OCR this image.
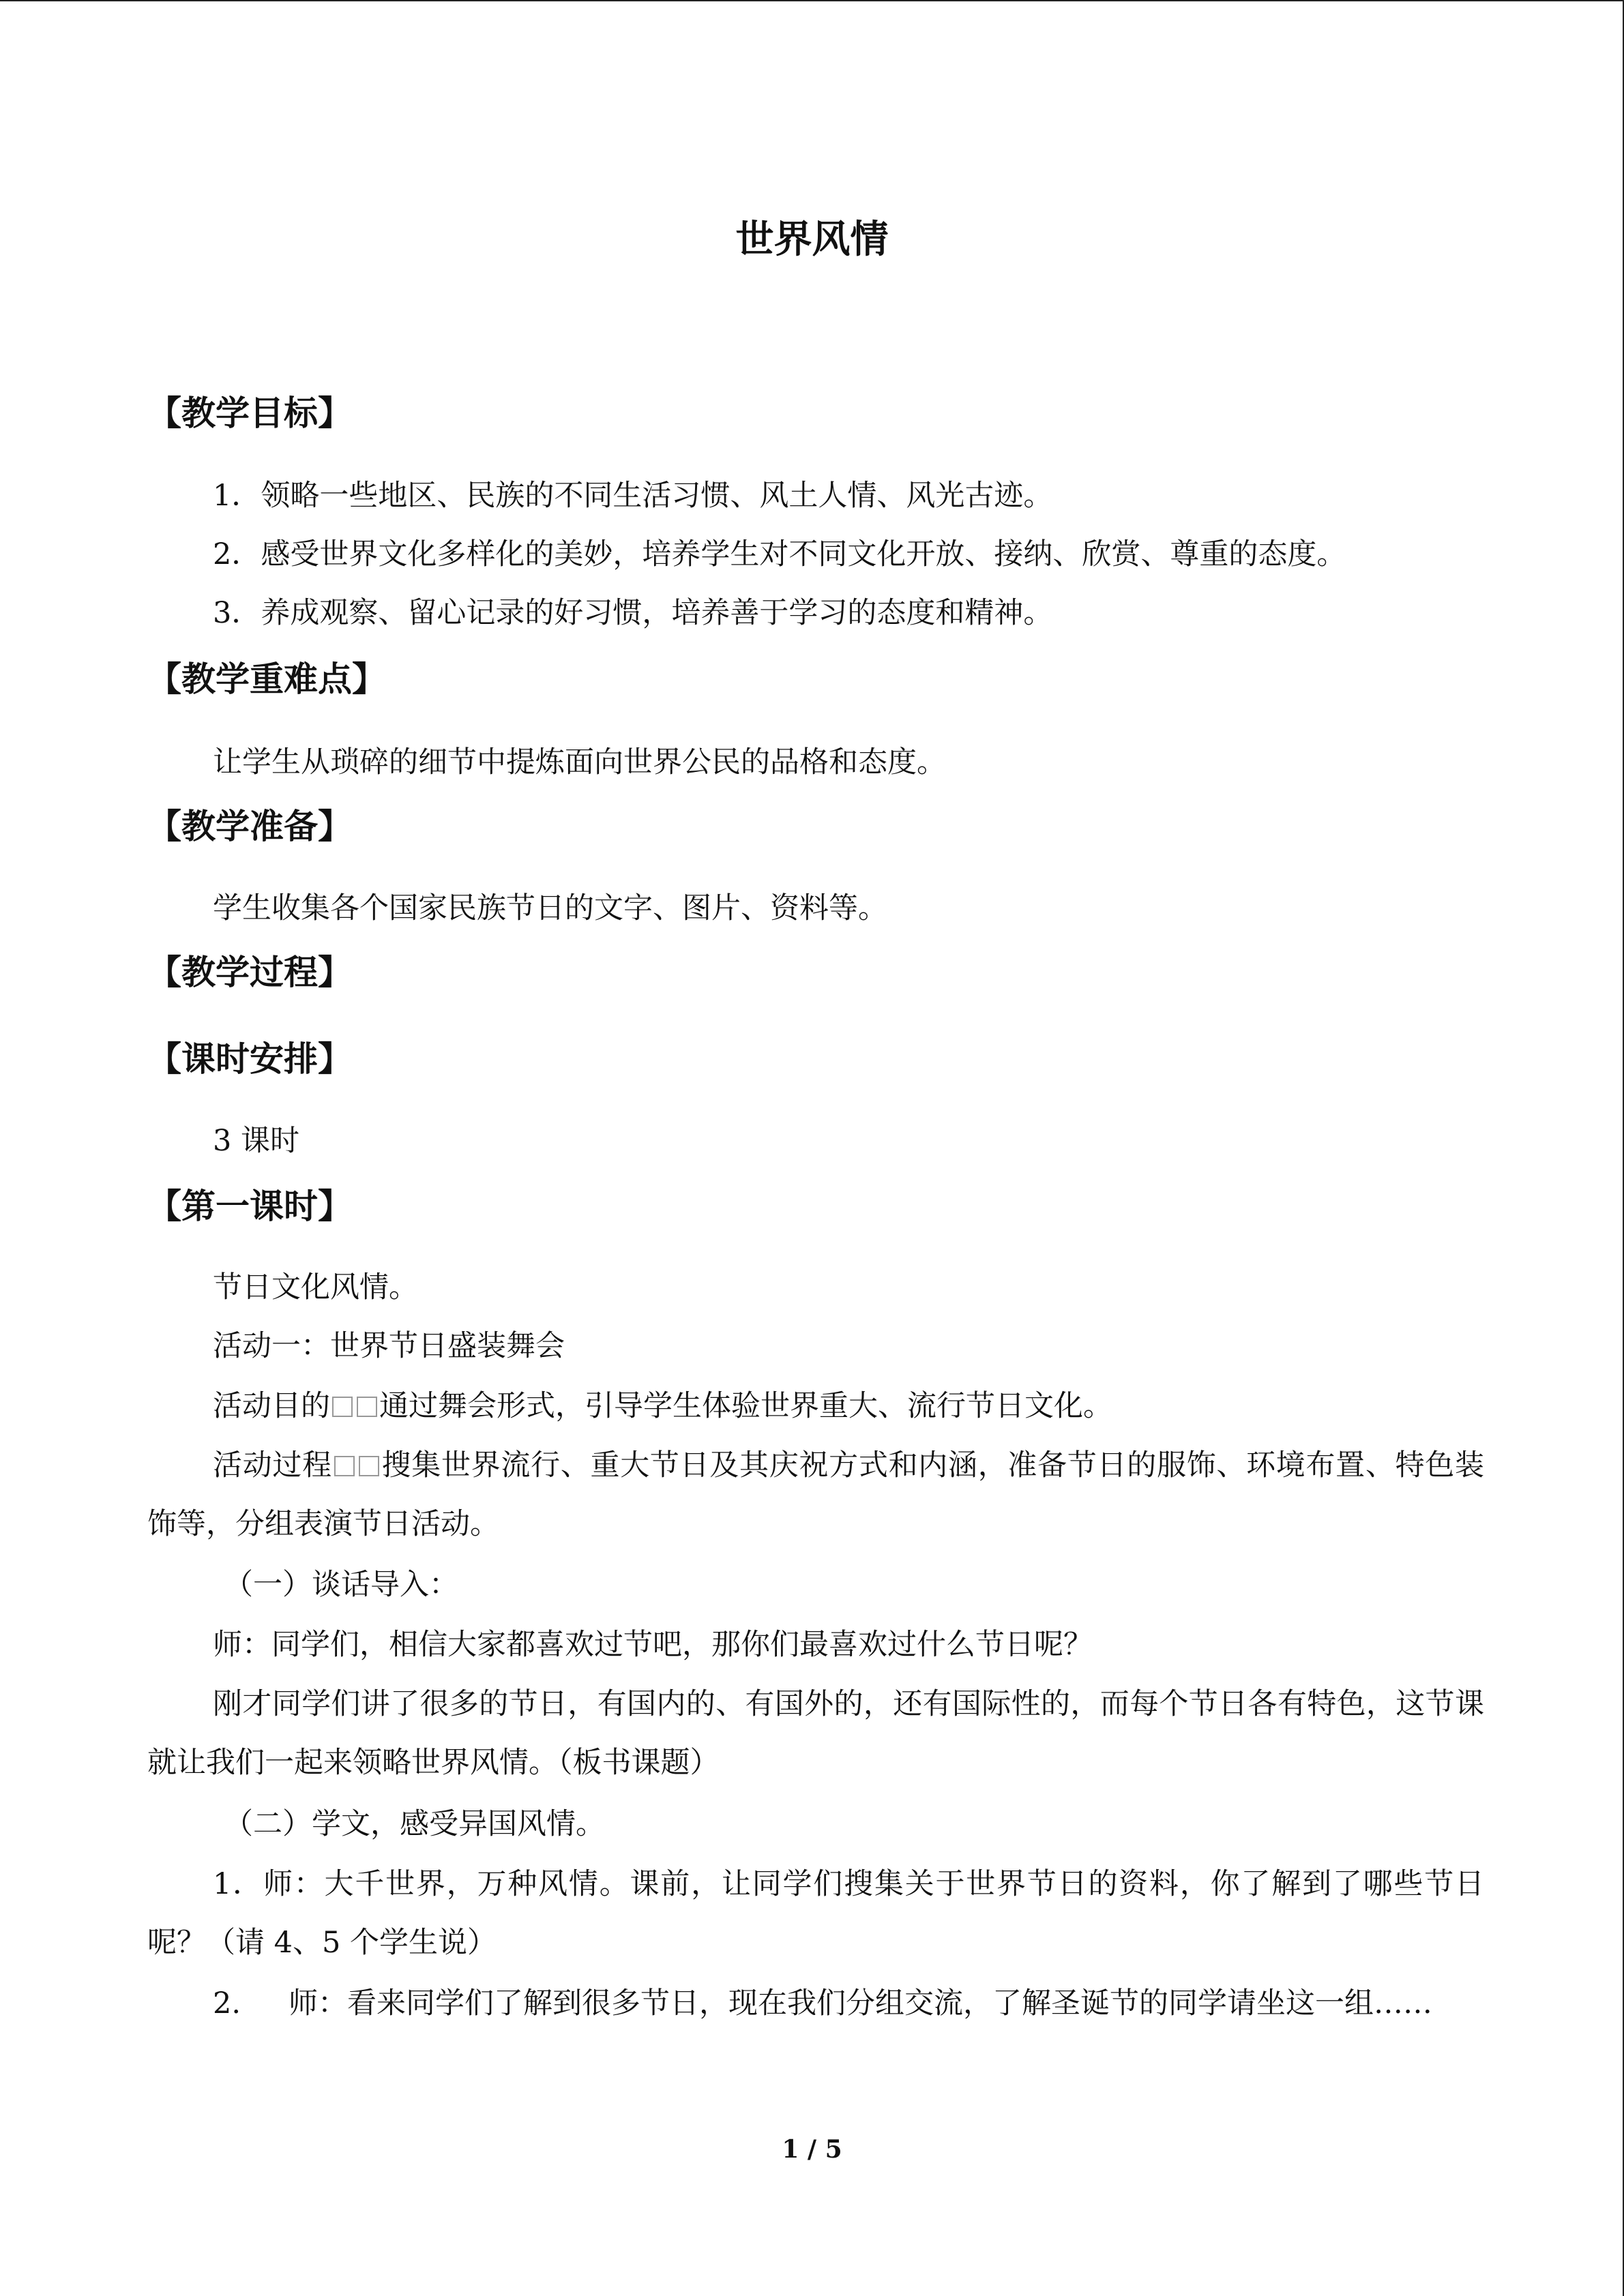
世界风情
【教学目标】
1．领略一些地区、民族的不同生活习惯、风土人情、风光古迹。
2．感受世界文化多样化的美妙，培养学生对不同文化开放、接纳、欣赏、尊重的态度。
3．养成观察、留心记录的好习惯，培养善于学习的态度和精神。
【教学重难点】
让学生从琐碎的细节中提炼面向世界公民的品格和态度。
【教学准备】
学生收集各个国家民族节日的文字、图片、资料等。
【教学过程】
【课时安排】
3 课时
【第一课时】
节日文化风情。
活动一：世界节日盛装舞会
活动目的 通过舞会形式，引导学生体验世界重大、流行节日文化。
活动过程 搜集世界流行、重大节日及其庆祝方式和内涵，准备节日的服饰、环境布置、特色装饰等，分组表演节日活动。
（一）谈话导入：
师：同学们，相信大家都喜欢过节吧，那你们最喜欢过什么节日呢？
刚才同学们讲了很多的节日，有国内的、有国外的，还有国际性的，而每个节日各有特色，这节课就让我们一起来领略世界风情。（板书课题）
（二）学文，感受异国风情。
1．师：大千世界，万种风情。课前，让同学们搜集关于世界节日的资料，你了解到了哪些节日呢？（请 4、5 个学生说）
2. 师：看来同学们了解到很多节日，现在我们分组交流，了解圣诞节的同学请坐这一组……
1 / 5
